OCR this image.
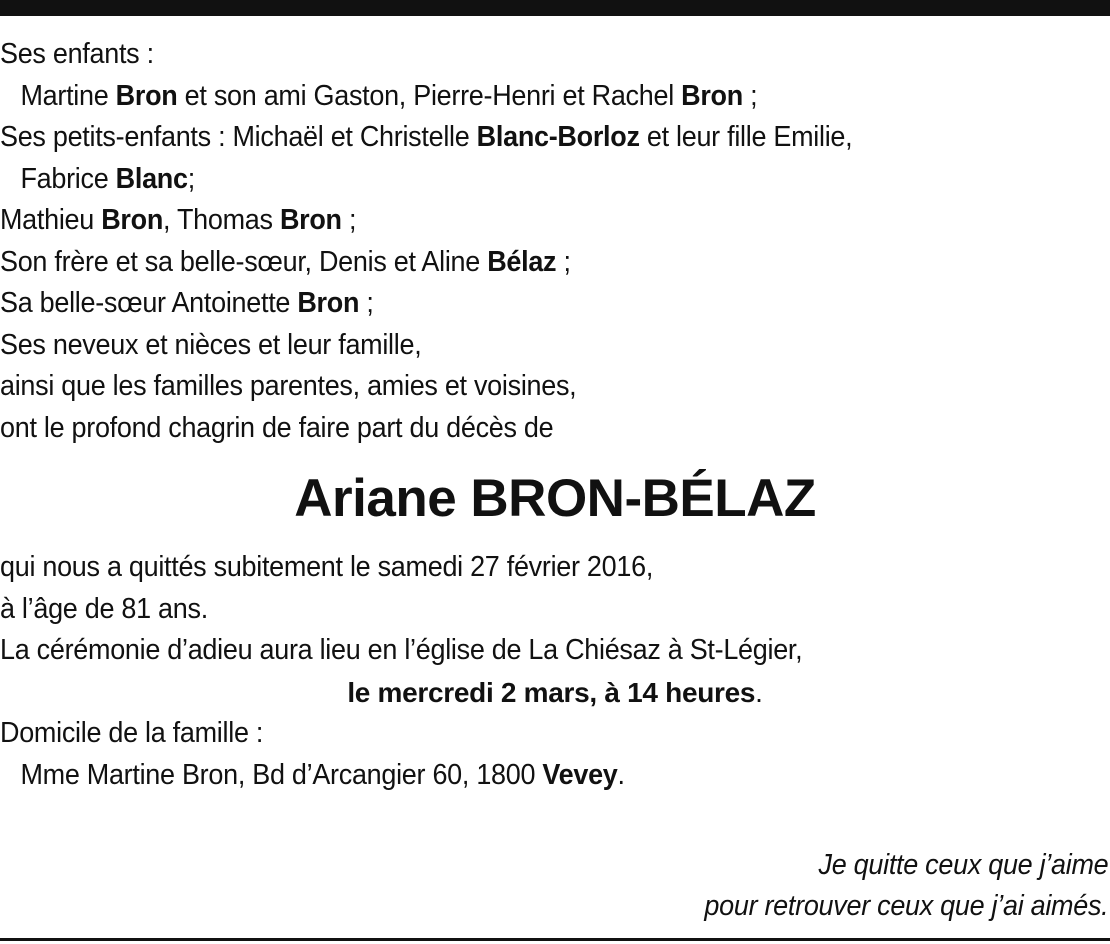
Ses enfants :
Martine Bron et son ami Gaston, Pierre-Henri et Rachel Bron ;
Ses petits-enfants : Michaël et Christelle Blanc-Borloz et leur fille Emilie,
Fabrice Blanc;
Mathieu Bron, Thomas Bron ;
Son frère et sa belle-sœur, Denis et Aline Bélaz ;
Sa belle-sœur Antoinette Bron ;
Ses neveux et nièces et leur famille,
ainsi que les familles parentes, amies et voisines,
ont le profond chagrin de faire part du décès de
Ariane BRON-BÉLAZ
qui nous a quittés subitement le samedi 27 février 2016,
à l’âge de 81 ans.
La cérémonie d’adieu aura lieu en l’église de La Chiésaz à St-Légier,
le mercredi 2 mars, à 14 heures.
Domicile de la famille :
Mme Martine Bron, Bd d’Arcangier 60, 1800 Vevey.
Je quitte ceux que j’aime
pour retrouver ceux que j’ai aimés.
